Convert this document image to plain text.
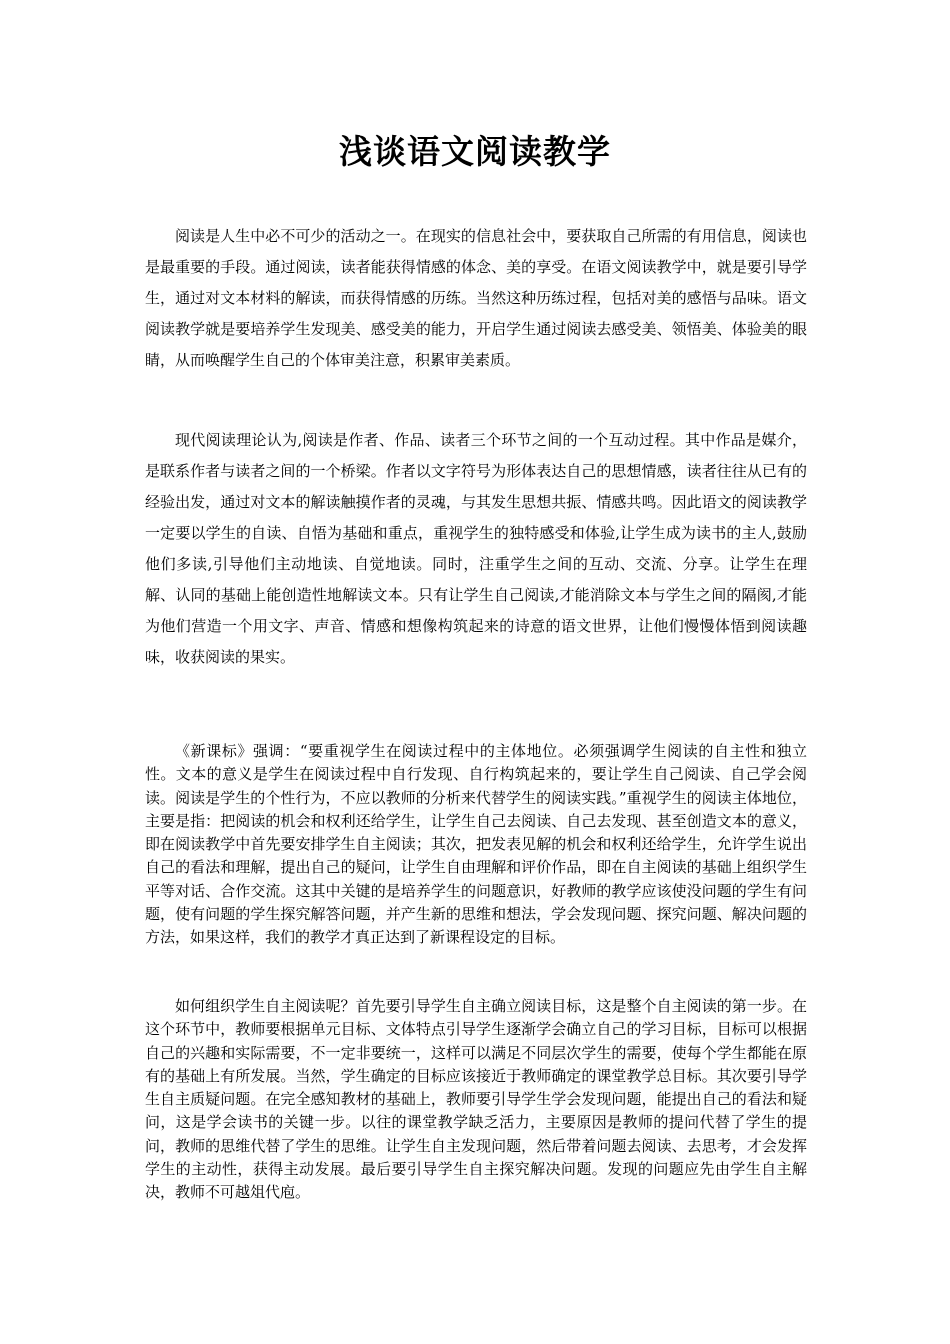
浅谈语文阅读教学

阅读是人生中必不可少的活动之一。在现实的信息社会中，要获取自己所需的有用信息，阅读也是最重要的手段。通过阅读，读者能获得情感的体念、美的享受。在语文阅读教学中，就是要引导学生，通过对文本材料的解读，而获得情感的历练。当然这种历练过程，包括对美的感悟与品味。语文阅读教学就是要培养学生发现美、感受美的能力，开启学生通过阅读去感受美、领悟美、体验美的眼睛，从而唤醒学生自己的个体审美注意，积累审美素质。

现代阅读理论认为,阅读是作者、作品、读者三个环节之间的一个互动过程。其中作品是媒介，是联系作者与读者之间的一个桥梁。作者以文字符号为形体表达自己的思想情感，读者往往从已有的经验出发，通过对文本的解读触摸作者的灵魂，与其发生思想共振、情感共鸣。因此语文的阅读教学一定要以学生的自读、自悟为基础和重点，重视学生的独特感受和体验,让学生成为读书的主人,鼓励他们多读,引导他们主动地读、自觉地读。同时，注重学生之间的互动、交流、分享。让学生在理解、认同的基础上能创造性地解读文本。只有让学生自己阅读,才能消除文本与学生之间的隔阂,才能为他们营造一个用文字、声音、情感和想像构筑起来的诗意的语文世界，让他们慢慢体悟到阅读趣味，收获阅读的果实。

《新课标》强调：“要重视学生在阅读过程中的主体地位。必须强调学生阅读的自主性和独立性。文本的意义是学生在阅读过程中自行发现、自行构筑起来的，要让学生自己阅读、自己学会阅读。阅读是学生的个性行为，不应以教师的分析来代替学生的阅读实践。”重视学生的阅读主体地位，主要是指：把阅读的机会和权利还给学生，让学生自己去阅读、自己去发现、甚至创造文本的意义，即在阅读教学中首先要安排学生自主阅读；其次，把发表见解的机会和权利还给学生，允许学生说出自己的看法和理解，提出自己的疑问，让学生自由理解和评价作品，即在自主阅读的基础上组织学生平等对话、合作交流。这其中关键的是培养学生的问题意识，好教师的教学应该使没问题的学生有问题，使有问题的学生探究解答问题，并产生新的思维和想法，学会发现问题、探究问题、解决问题的方法，如果这样，我们的教学才真正达到了新课程设定的目标。

如何组织学生自主阅读呢？首先要引导学生自主确立阅读目标，这是整个自主阅读的第一步。在这个环节中，教师要根据单元目标、文体特点引导学生逐渐学会确立自己的学习目标，目标可以根据自己的兴趣和实际需要，不一定非要统一，这样可以满足不同层次学生的需要，使每个学生都能在原有的基础上有所发展。当然，学生确定的目标应该接近于教师确定的课堂教学总目标。其次要引导学生自主质疑问题。在完全感知教材的基础上，教师要引导学生学会发现问题，能提出自己的看法和疑问，这是学会读书的关键一步。以往的课堂教学缺乏活力，主要原因是教师的提问代替了学生的提问，教师的思维代替了学生的思维。让学生自主发现问题，然后带着问题去阅读、去思考，才会发挥学生的主动性，获得主动发展。最后要引导学生自主探究解决问题。发现的问题应先由学生自主解决，教师不可越俎代庖。
